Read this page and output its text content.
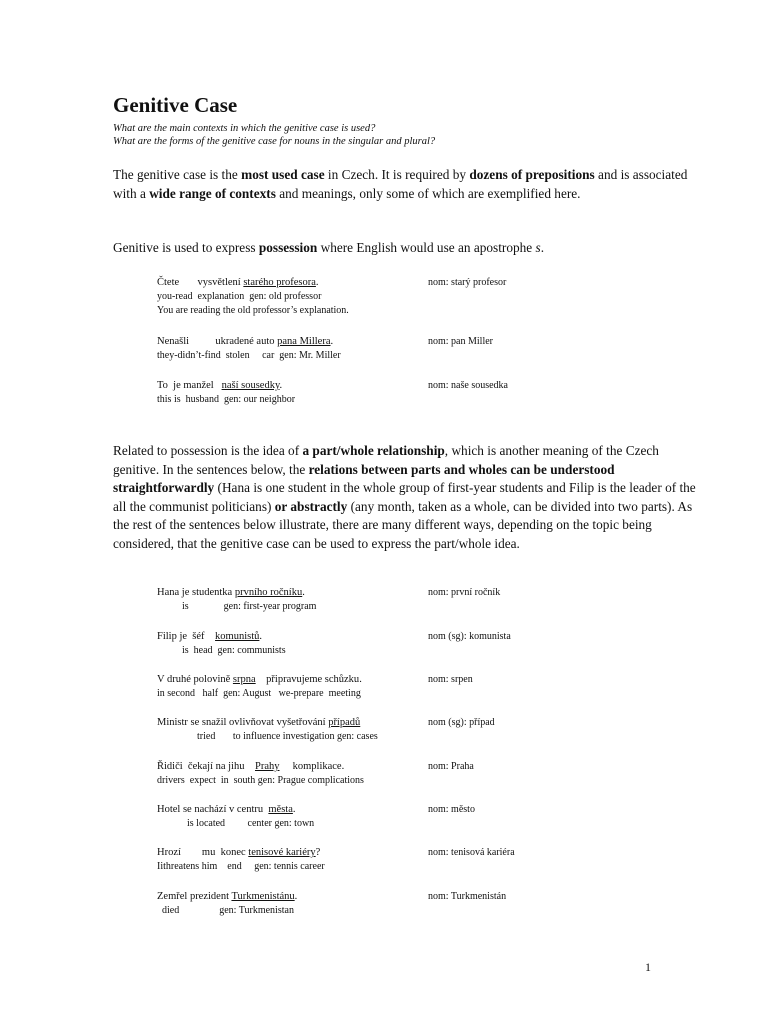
Genitive Case
What are the main contexts in which the genitive case is used?
What are the forms of the genitive case for nouns in the singular and plural?

The genitive case is the most used case in Czech. It is required by dozens of prepositions and is associated with a wide range of contexts and meanings, only some of which are exemplified here.

Genitive is used to express possession where English would use an apostrophe s.

Čtete       vysvětlení starého profesora.
you-read  explanation  gen: old professor
You are reading the old professor’s explanation.
nom: starý profesor
Nenašli          ukradené auto pana Millera.
they-didn’t-find  stolen     car  gen: Mr. Miller
nom: pan Miller
To  je manžel   naší sousedky.
this is  husband  gen: our neighbor
nom: naše sousedka

Related to possession is the idea of a part/whole relationship, which is another meaning of the Czech genitive. In the sentences below, the relations between parts and wholes can be understood straightforwardly (Hana is one student in the whole group of first-year students and Filip is the leader of the all the communist politicians) or abstractly (any month, taken as a whole, can be divided into two parts). As the rest of the sentences below illustrate, there are many different ways, depending on the topic being considered, that the genitive case can be used to express the part/whole idea.

Hana je studentka prvního ročníku.
is              gen: first-year program
nom: první ročník
Filip je  šéf    komunistů.
is  head  gen: communists
nom (sg): komunista
V druhé polovině srpna    připravujeme schůzku.
in second   half  gen: August   we-prepare  meeting
nom: srpen
Ministr se snažil ovlivňovat vyšetřování případů
tried       to influence investigation gen: cases
nom (sg): případ
Řidiči  čekají na jihu    Prahy     komplikace.
drivers  expect  in  south gen: Prague complications
nom: Praha
Hotel se nachází v centru  města.
is located         center gen: town
nom: město
Hrozí        mu  konec tenisové kariéry?
Iithreatens him    end     gen: tennis career
nom: tenisová kariéra
Zemřel prezident Turkmenistánu.
died                gen: Turkmenistan
nom: Turkmenistán
1
